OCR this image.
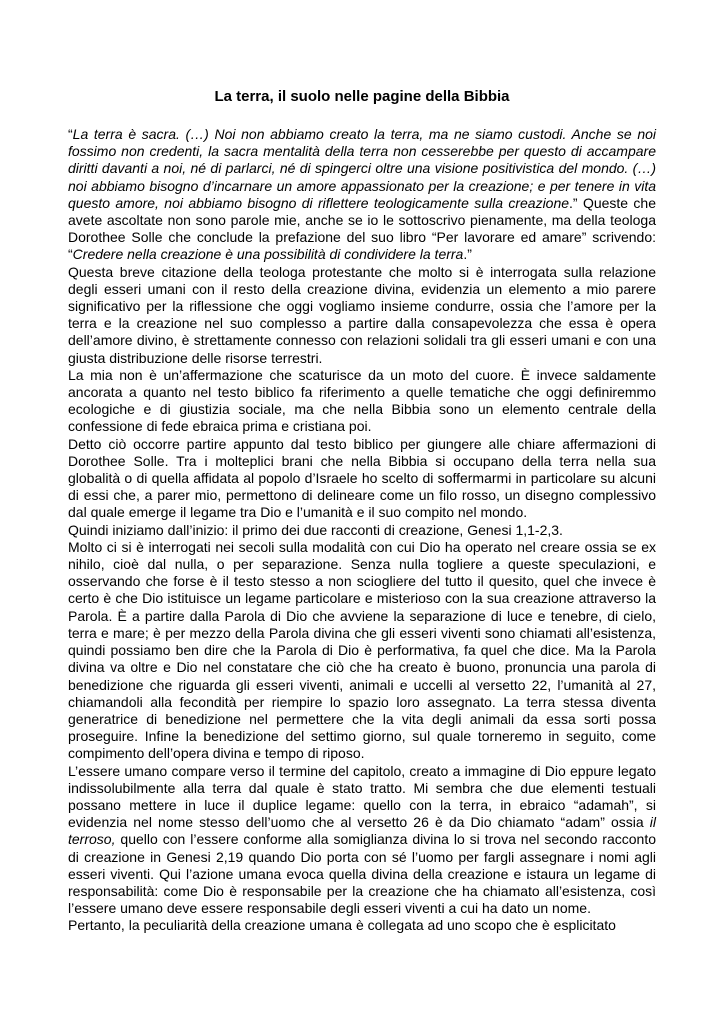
La terra, il suolo nelle pagine della Bibbia

“La terra è sacra. (…) Noi non abbiamo creato la terra, ma ne siamo custodi. Anche se noi fossimo non credenti, la sacra mentalità della terra non cesserebbe per questo di accampare diritti davanti a noi, né di parlarci, né di spingerci oltre una visione positivistica del mondo. (…) noi abbiamo bisogno d’incarnare un amore appassionato per la creazione; e per tenere in vita questo amore, noi abbiamo bisogno di riflettere teologicamente sulla creazione.” Queste che avete ascoltate non sono parole mie, anche se io le sottoscrivo pienamente, ma della teologa Dorothee Solle che conclude la prefazione del suo libro “Per lavorare ed amare” scrivendo: “Credere nella creazione è una possibilità di condividere la terra.”

Questa breve citazione della teologa protestante che molto si è interrogata sulla relazione degli esseri umani con il resto della creazione divina, evidenzia un elemento a mio parere significativo per la riflessione che oggi vogliamo insieme condurre, ossia che l’amore per la terra e la creazione nel suo complesso a partire dalla consapevolezza che essa è opera dell’amore divino, è strettamente connesso con relazioni solidali tra gli esseri umani e con una giusta distribuzione delle risorse terrestri.

La mia non è un’affermazione che scaturisce da un moto del cuore. È invece saldamente ancorata a quanto nel testo biblico fa riferimento a quelle tematiche che oggi definiremmo ecologiche e di giustizia sociale, ma che nella Bibbia sono un elemento centrale della confessione di fede ebraica prima e cristiana poi.

Detto ciò occorre partire appunto dal testo biblico per giungere alle chiare affermazioni di Dorothee Solle. Tra i molteplici brani che nella Bibbia si occupano della terra nella sua globalità o di quella affidata al popolo d’Israele ho scelto di soffermarmi in particolare su alcuni di essi che, a parer mio, permettono di delineare come un filo rosso, un disegno complessivo dal quale emerge il legame tra Dio e l’umanità e il suo compito nel mondo.

Quindi iniziamo dall’inizio: il primo dei due racconti di creazione, Genesi 1,1-2,3.

Molto ci si è interrogati nei secoli sulla modalità con cui Dio ha operato nel creare ossia se ex nihilo, cioè dal nulla, o per separazione. Senza nulla togliere a queste speculazioni, e osservando che forse è il testo stesso a non sciogliere del tutto il quesito, quel che invece è certo è che Dio istituisce un legame particolare e misterioso con la sua creazione attraverso la Parola. È a partire dalla Parola di Dio che avviene la separazione di luce e tenebre, di cielo, terra e mare; è per mezzo della Parola divina che gli esseri viventi sono chiamati all’esistenza, quindi possiamo ben dire che la Parola di Dio è performativa, fa quel che dice. Ma la Parola divina va oltre e Dio nel constatare che ciò che ha creato è buono, pronuncia una parola di benedizione che riguarda gli esseri viventi, animali e uccelli al versetto 22, l’umanità al 27, chiamandoli alla fecondità per riempire lo spazio loro assegnato. La terra stessa diventa generatrice di benedizione nel permettere che la vita degli animali da essa sorti possa proseguire. Infine la benedizione del settimo giorno, sul quale torneremo in seguito, come compimento dell’opera divina e tempo di riposo.

L’essere umano compare verso il termine del capitolo, creato a immagine di Dio eppure legato indissolubilmente alla terra dal quale è stato tratto. Mi sembra che due elementi testuali possano mettere in luce il duplice legame: quello con la terra, in ebraico “adamah”, si evidenzia nel nome stesso dell’uomo che al versetto 26 è da Dio chiamato “adam” ossia il terroso, quello con l’essere conforme alla somiglianza divina lo si trova nel secondo racconto di creazione in Genesi 2,19 quando Dio porta con sé l’uomo per fargli assegnare i nomi agli esseri viventi. Qui l’azione umana evoca quella divina della creazione e istaura un legame di responsabilità: come Dio è responsabile per la creazione che ha chiamato all’esistenza, così l’essere umano deve essere responsabile degli esseri viventi a cui ha dato un nome.

Pertanto, la peculiarità della creazione umana è collegata ad uno scopo che è esplicitato
